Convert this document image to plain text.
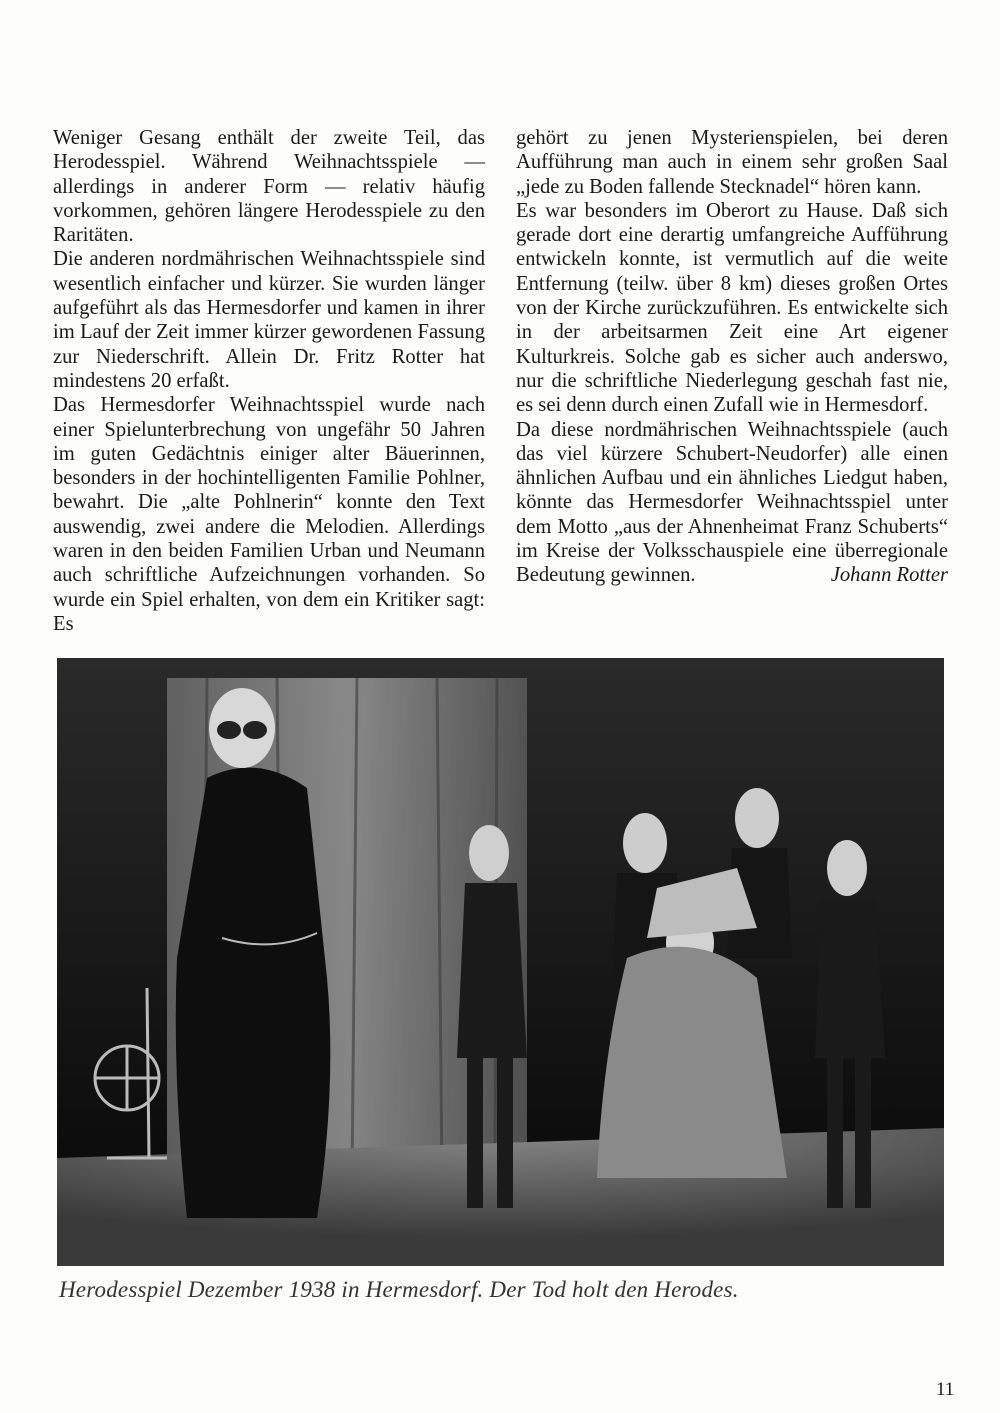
Weniger Gesang enthält der zweite Teil, das Herodesspiel. Während Weihnachtsspiele — allerdings in anderer Form — relativ häufig vorkommen, gehören längere Herodesspiele zu den Raritäten.

Die anderen nordmährischen Weihnachtsspiele sind wesentlich einfacher und kürzer. Sie wurden länger aufgeführt als das Hermesdorfer und kamen in ihrer im Lauf der Zeit immer kürzer gewordenen Fassung zur Niederschrift. Allein Dr. Fritz Rotter hat mindestens 20 erfaßt.

Das Hermesdorfer Weihnachtsspiel wurde nach einer Spielunterbrechung von ungefähr 50 Jahren im guten Gedächtnis einiger alter Bäuerinnen, besonders in der hochintelligenten Familie Pohlner, bewahrt. Die „alte Pohlnerin“ konnte den Text auswendig, zwei andere die Melodien. Allerdings waren in den beiden Familien Urban und Neumann auch schriftliche Aufzeichnungen vorhanden. So wurde ein Spiel erhalten, von dem ein Kritiker sagt: Es

gehört zu jenen Mysterienspielen, bei deren Aufführung man auch in einem sehr großen Saal „jede zu Boden fallende Stecknadel“ hören kann.

Es war besonders im Oberort zu Hause. Daß sich gerade dort eine derartig umfangreiche Aufführung entwickeln konnte, ist vermutlich auf die weite Entfernung (teilw. über 8 km) dieses großen Ortes von der Kirche zurückzuführen. Es entwickelte sich in der arbeitsarmen Zeit eine Art eigener Kulturkreis. Solche gab es sicher auch anderswo, nur die schriftliche Niederlegung geschah fast nie, es sei denn durch einen Zufall wie in Hermesdorf.

Da diese nordmährischen Weihnachtsspiele (auch das viel kürzere Schubert-Neudorfer) alle einen ähnlichen Aufbau und ein ähnliches Liedgut haben, könnte das Hermesdorfer Weihnachtsspiel unter dem Motto „aus der Ahnenheimat Franz Schuberts“ im Kreise der Volksschauspiele eine überregionale Bedeutung gewinnen.	Johann Rotter

Herodesspiel Dezember 1938 in Hermesdorf. Der Tod holt den Herodes.
11
